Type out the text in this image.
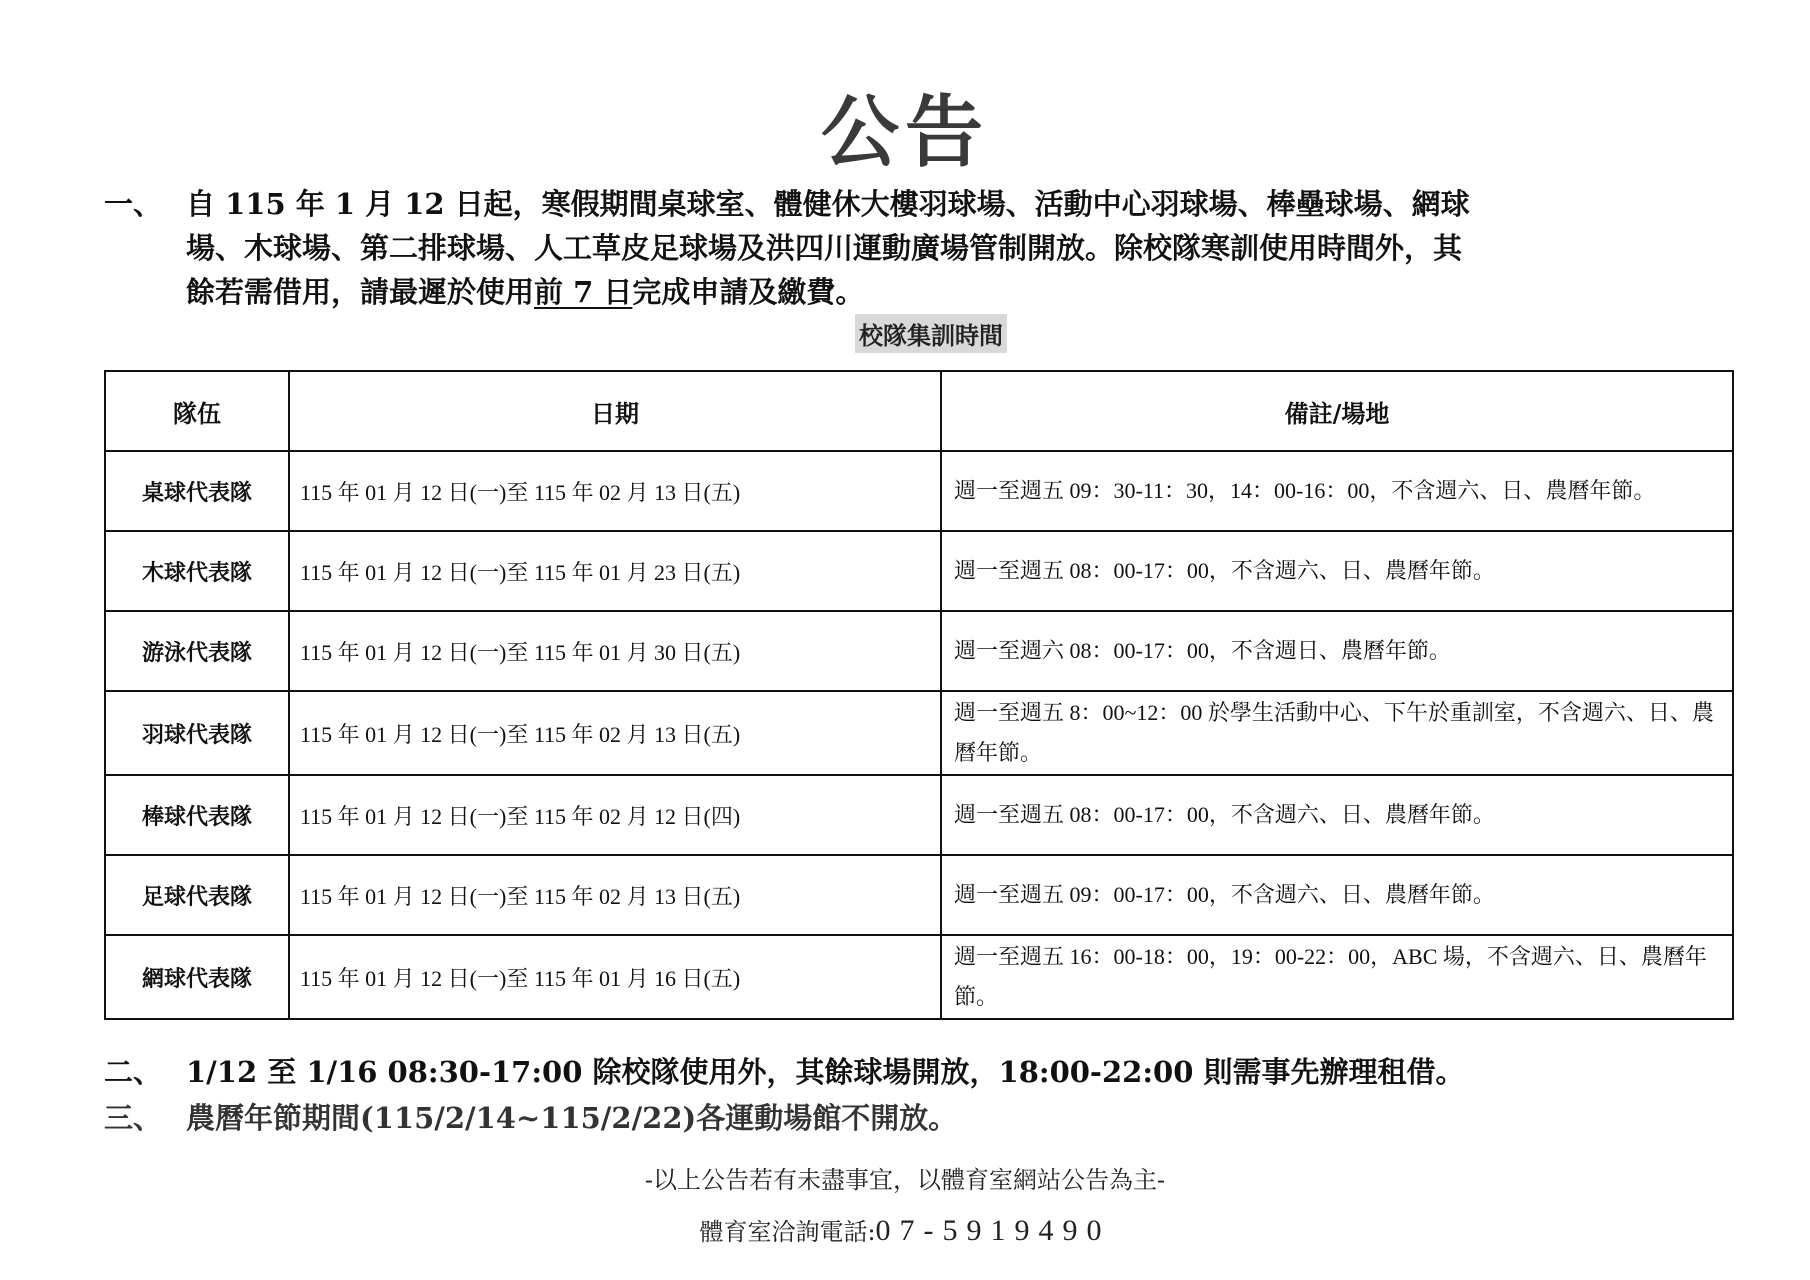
公告
一、 自 115 年 1 月 12 日起，寒假期間桌球室、體健休大樓羽球場、活動中心羽球場、棒壘球場、網球
場、木球場、第二排球場、人工草皮足球場及洪四川運動廣場管制開放。除校隊寒訓使用時間外，其
餘若需借用，請最遲於使用前 7 日完成申請及繳費。
校隊集訓時間
隊伍	日期	備註/場地
桌球代表隊	115 年 01 月 12 日(一)至 115 年 02 月 13 日(五)	週一至週五 09：30-11：30，14：00-16：00，不含週六、日、農曆年節。
木球代表隊	115 年 01 月 12 日(一)至 115 年 01 月 23 日(五)	週一至週五 08：00-17：00，不含週六、日、農曆年節。
游泳代表隊	115 年 01 月 12 日(一)至 115 年 01 月 30 日(五)	週一至週六 08：00-17：00，不含週日、農曆年節。
羽球代表隊	115 年 01 月 12 日(一)至 115 年 02 月 13 日(五)	週一至週五 8：00~12：00 於學生活動中心、下午於重訓室，不含週六、日、農曆年節。
棒球代表隊	115 年 01 月 12 日(一)至 115 年 02 月 12 日(四)	週一至週五 08：00-17：00，不含週六、日、農曆年節。
足球代表隊	115 年 01 月 12 日(一)至 115 年 02 月 13 日(五)	週一至週五 09：00-17：00，不含週六、日、農曆年節。
網球代表隊	115 年 01 月 12 日(一)至 115 年 01 月 16 日(五)	週一至週五 16：00-18：00，19：00-22：00，ABC 場，不含週六、日、農曆年節。
二、 1/12 至 1/16 08:30-17:00 除校隊使用外，其餘球場開放，18:00-22:00 則需事先辦理租借。
三、 農曆年節期間(115/2/14~115/2/22)各運動場館不開放。
-以上公告若有未盡事宜，以體育室網站公告為主-
體育室洽詢電話:07-5919490
